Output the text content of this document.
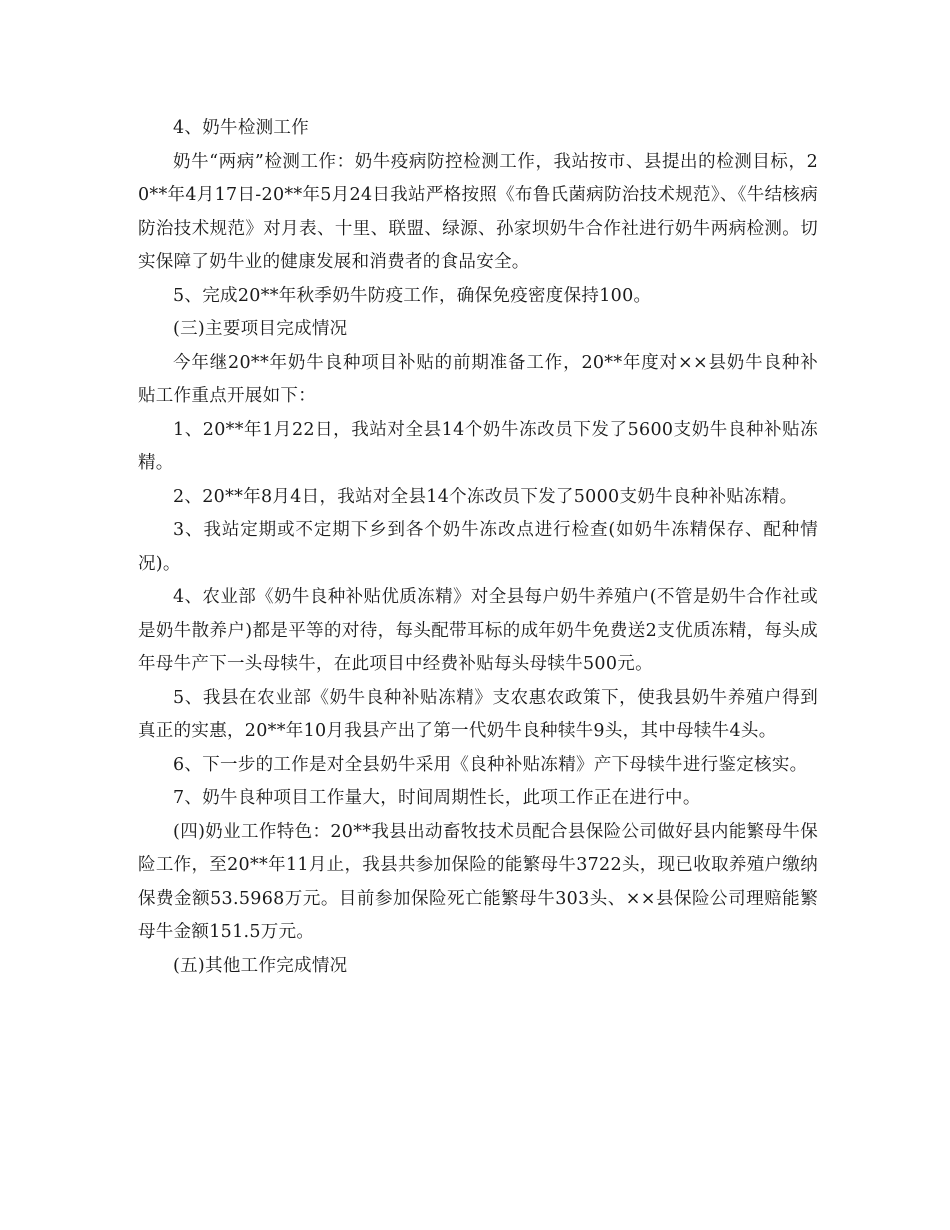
4、奶牛检测工作

奶牛“两病”检测工作：奶牛疫病防控检测工作，我站按市、县提出的检测目标，20**年4月17日-20**年5月24日我站严格按照《布鲁氏菌病防治技术规范》、《牛结核病防治技术规范》对月表、十里、联盟、绿源、孙家坝奶牛合作社进行奶牛两病检测。切实保障了奶牛业的健康发展和消费者的食品安全。

5、完成20**年秋季奶牛防疫工作，确保免疫密度保持100。

(三)主要项目完成情况

今年继20**年奶牛良种项目补贴的前期准备工作，20**年度对××县奶牛良种补贴工作重点开展如下：

1、20**年1月22日，我站对全县14个奶牛冻改员下发了5600支奶牛良种补贴冻精。

2、20**年8月4日，我站对全县14个冻改员下发了5000支奶牛良种补贴冻精。

3、我站定期或不定期下乡到各个奶牛冻改点进行检查(如奶牛冻精保存、配种情况)。

4、农业部《奶牛良种补贴优质冻精》对全县每户奶牛养殖户(不管是奶牛合作社或是奶牛散养户)都是平等的对待，每头配带耳标的成年奶牛免费送2支优质冻精，每头成年母牛产下一头母犊牛，在此项目中经费补贴每头母犊牛500元。

5、我县在农业部《奶牛良种补贴冻精》支农惠农政策下，使我县奶牛养殖户得到真正的实惠，20**年10月我县产出了第一代奶牛良种犊牛9头，其中母犊牛4头。

6、下一步的工作是对全县奶牛采用《良种补贴冻精》产下母犊牛进行鉴定核实。

7、奶牛良种项目工作量大，时间周期性长，此项工作正在进行中。

(四)奶业工作特色：20**我县出动畜牧技术员配合县保险公司做好县内能繁母牛保险工作，至20**年11月止，我县共参加保险的能繁母牛3722头，现已收取养殖户缴纳保费金额53.5968万元。目前参加保险死亡能繁母牛303头、××县保险公司理赔能繁母牛金额151.5万元。

(五)其他工作完成情况
